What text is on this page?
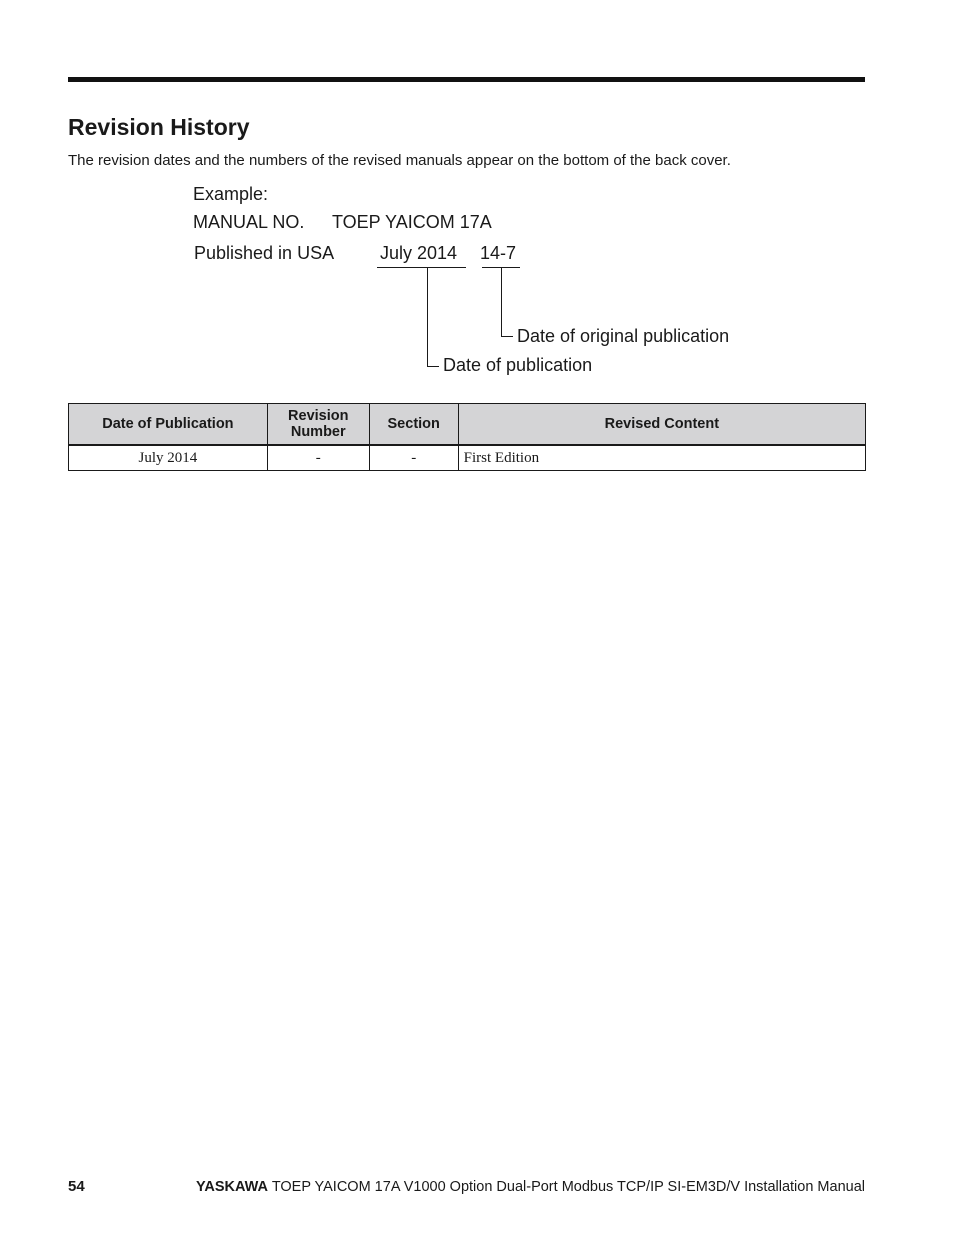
Revision History

The revision dates and the numbers of the revised manuals appear on the bottom of the back cover.

Example:
MANUAL NO. TOEP YAICOM 17A
Published in USA	July 2014 14-7
Date of original publication
Date of publication
Date of Publication	Revision Number	Section	Revised Content
July 2014	-	-	First Edition
54	YASKAWA TOEP YAICOM 17A V1000 Option Dual-Port Modbus TCP/IP SI-EM3D/V Installation Manual
